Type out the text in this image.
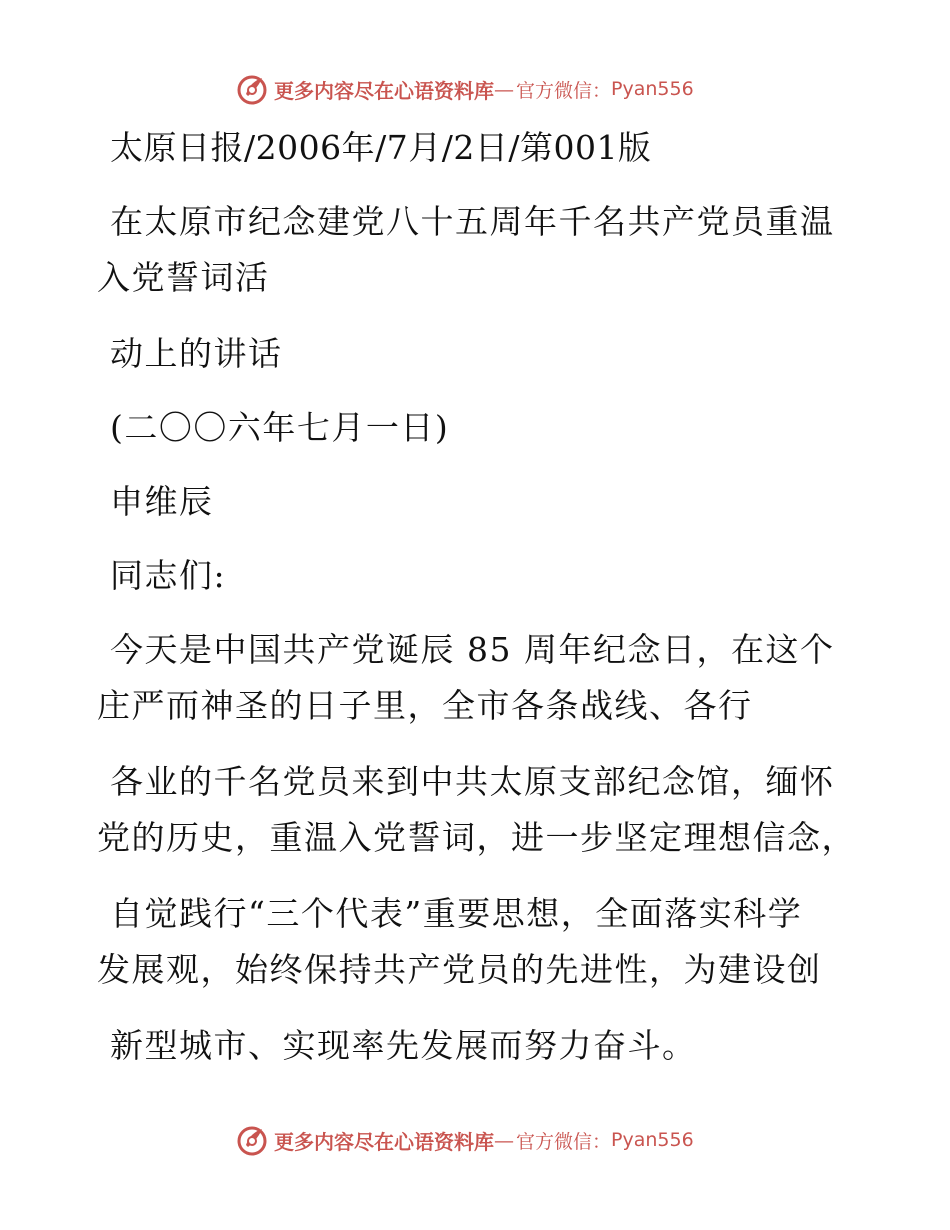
更多内容尽在心语资料库 — 官方微信： Pyan556
太原日报/2006年/7月/2日/第001版
在太原市纪念建党八十五周年千名共产党员重温
入党誓词活
动上的讲话
(二〇〇六年七月一日)
申维辰
同志们:
今天是中国共产党诞辰 85 周年纪念日，在这个
庄严而神圣的日子里，全市各条战线、各行
各业的千名党员来到中共太原支部纪念馆，缅怀
党的历史，重温入党誓词，进一步坚定理想信念，
自觉践行“三个代表”重要思想，全面落实科学
发展观，始终保持共产党员的先进性，为建设创
新型城市、实现率先发展而努力奋斗。
更多内容尽在心语资料库 — 官方微信： Pyan556
